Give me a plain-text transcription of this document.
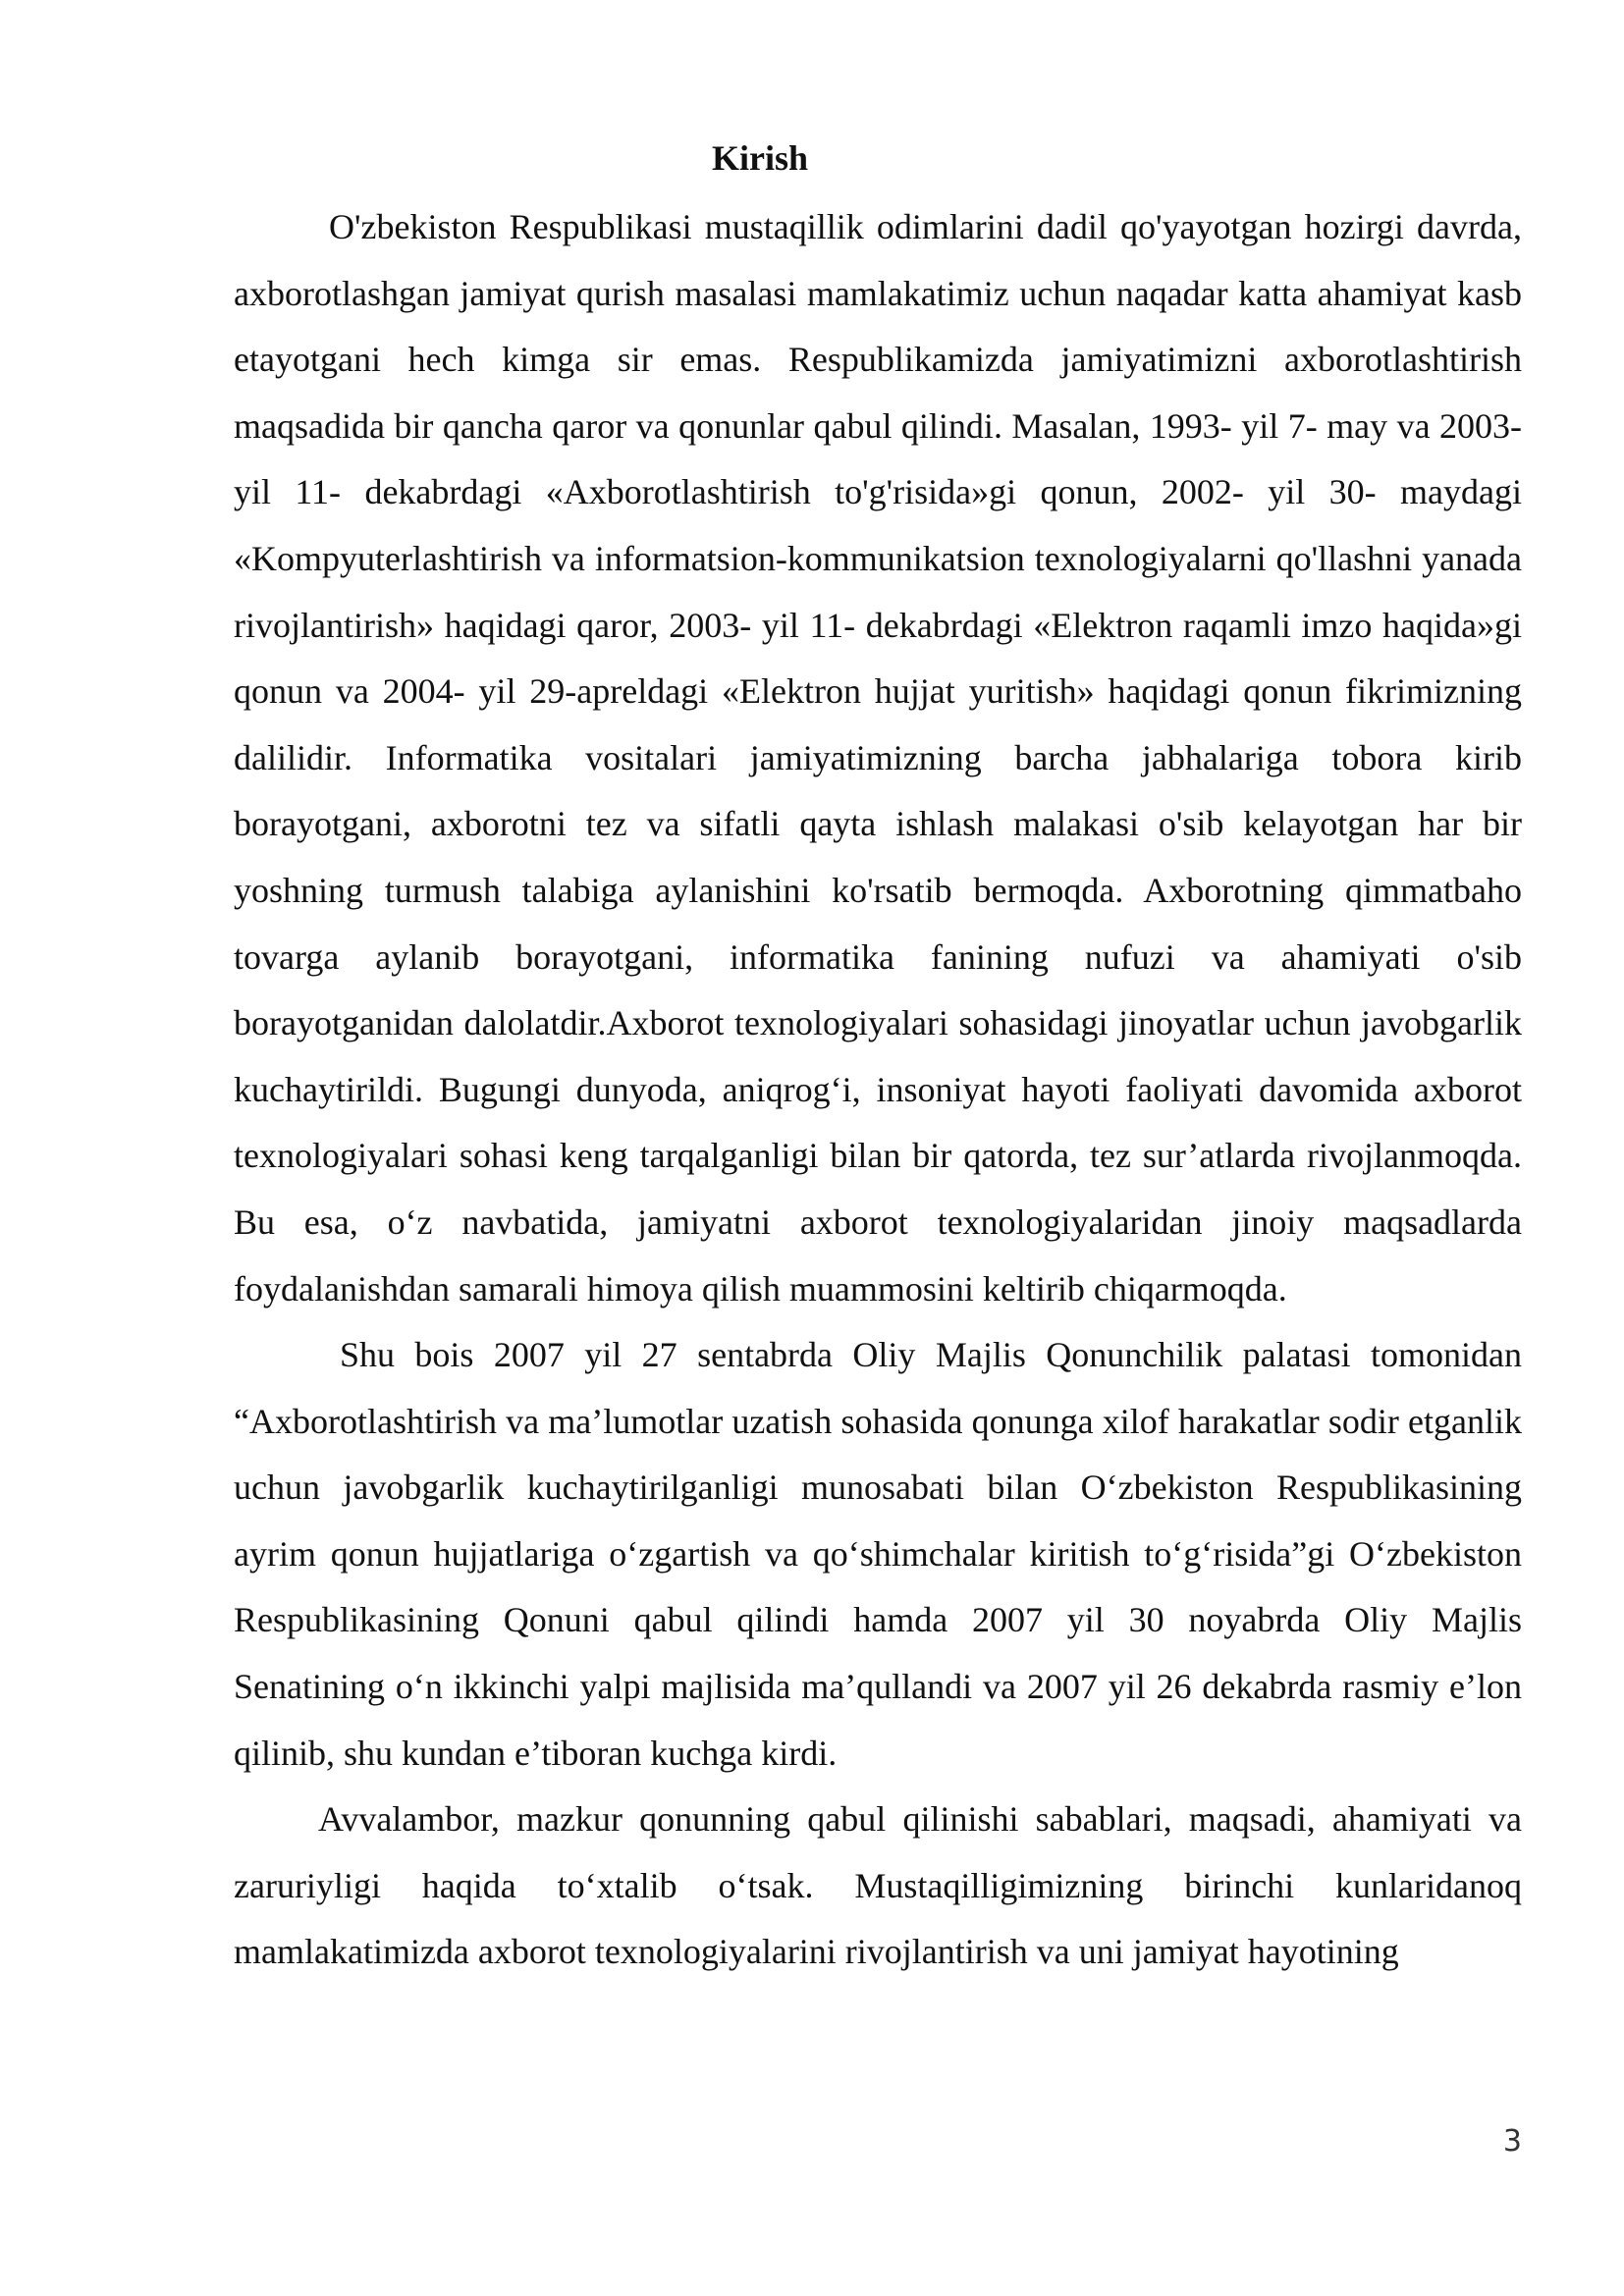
Kirish

O'zbekiston Respublikasi mustaqillik odimlarini dadil qo'yayotgan hozirgi davrda, axborotlashgan jamiyat qurish masalasi mamlakatimiz uchun naqadar katta ahamiyat kasb etayotgani hech kimga sir emas. Respublikamizda jamiyatimizni axborotlashtirish maqsadida bir qancha qaror va qonunlar qabul qilindi. Masalan, 1993- yil 7- may va 2003- yil 11- dekabrdagi «Axborotlashtirish to'g'risida»gi qonun, 2002- yil 30- maydagi «Kompyuterlashtirish va informatsion-kommunikatsion texnologiyalarni qo'llashni yanada rivojlantirish» haqidagi qaror, 2003- yil 11- dekabrdagi «Elektron raqamli imzo haqida»gi qonun va 2004- yil 29-apreldagi «Elektron hujjat yuritish» haqidagi qonun fikrimizning dalilidir. Informatika vositalari jamiyatimizning barcha jabhalariga tobora kirib borayotgani, axborotni tez va sifatli qayta ishlash malakasi o'sib kelayotgan har bir yoshning turmush talabiga aylanishini ko'rsatib bermoqda. Axborotning qimmatbaho tovarga aylanib borayotgani, informatika fanining nufuzi va ahamiyati o'sib borayotganidan dalolatdir.Axborot texnologiyalari sohasidagi jinoyatlar uchun javobgarlik kuchaytirildi. Bugungi dunyoda, aniqrog‘i, insoniyat hayoti faoliyati davomida axborot texnologiyalari sohasi keng tarqalganligi bilan bir qatorda, tez sur’atlarda rivojlanmoqda. Bu esa, o‘z navbatida, jamiyatni axborot texnologiyalaridan jinoiy maqsadlarda foydalanishdan samarali himoya qilish muammosini keltirib chiqarmoqda.

Shu bois 2007 yil 27 sentabrda Oliy Majlis Qonunchilik palatasi tomonidan “Axborotlashtirish va ma’lumotlar uzatish sohasida qonunga xilof harakatlar sodir etganlik uchun javobgarlik kuchaytirilganligi munosabati bilan O‘zbekiston Respublikasining ayrim qonun hujjatlariga o‘zgartish va qo‘shimchalar kiritish to‘g‘risida”gi O‘zbekiston Respublikasining Qonuni qabul qilindi hamda 2007 yil 30 noyabrda Oliy Majlis Senatining o‘n ikkinchi yalpi majlisida ma’qullandi va 2007 yil 26 dekabrda rasmiy e’lon qilinib, shu kundan e’tiboran kuchga kirdi.

Avvalambor, mazkur qonunning qabul qilinishi sabablari, maqsadi, ahamiyati va zaruriyligi haqida to‘xtalib o‘tsak. Mustaqilligimizning birinchi kunlaridanoq mamlakatimizda axborot texnologiyalarini rivojlantirish va uni jamiyat hayotining

3
